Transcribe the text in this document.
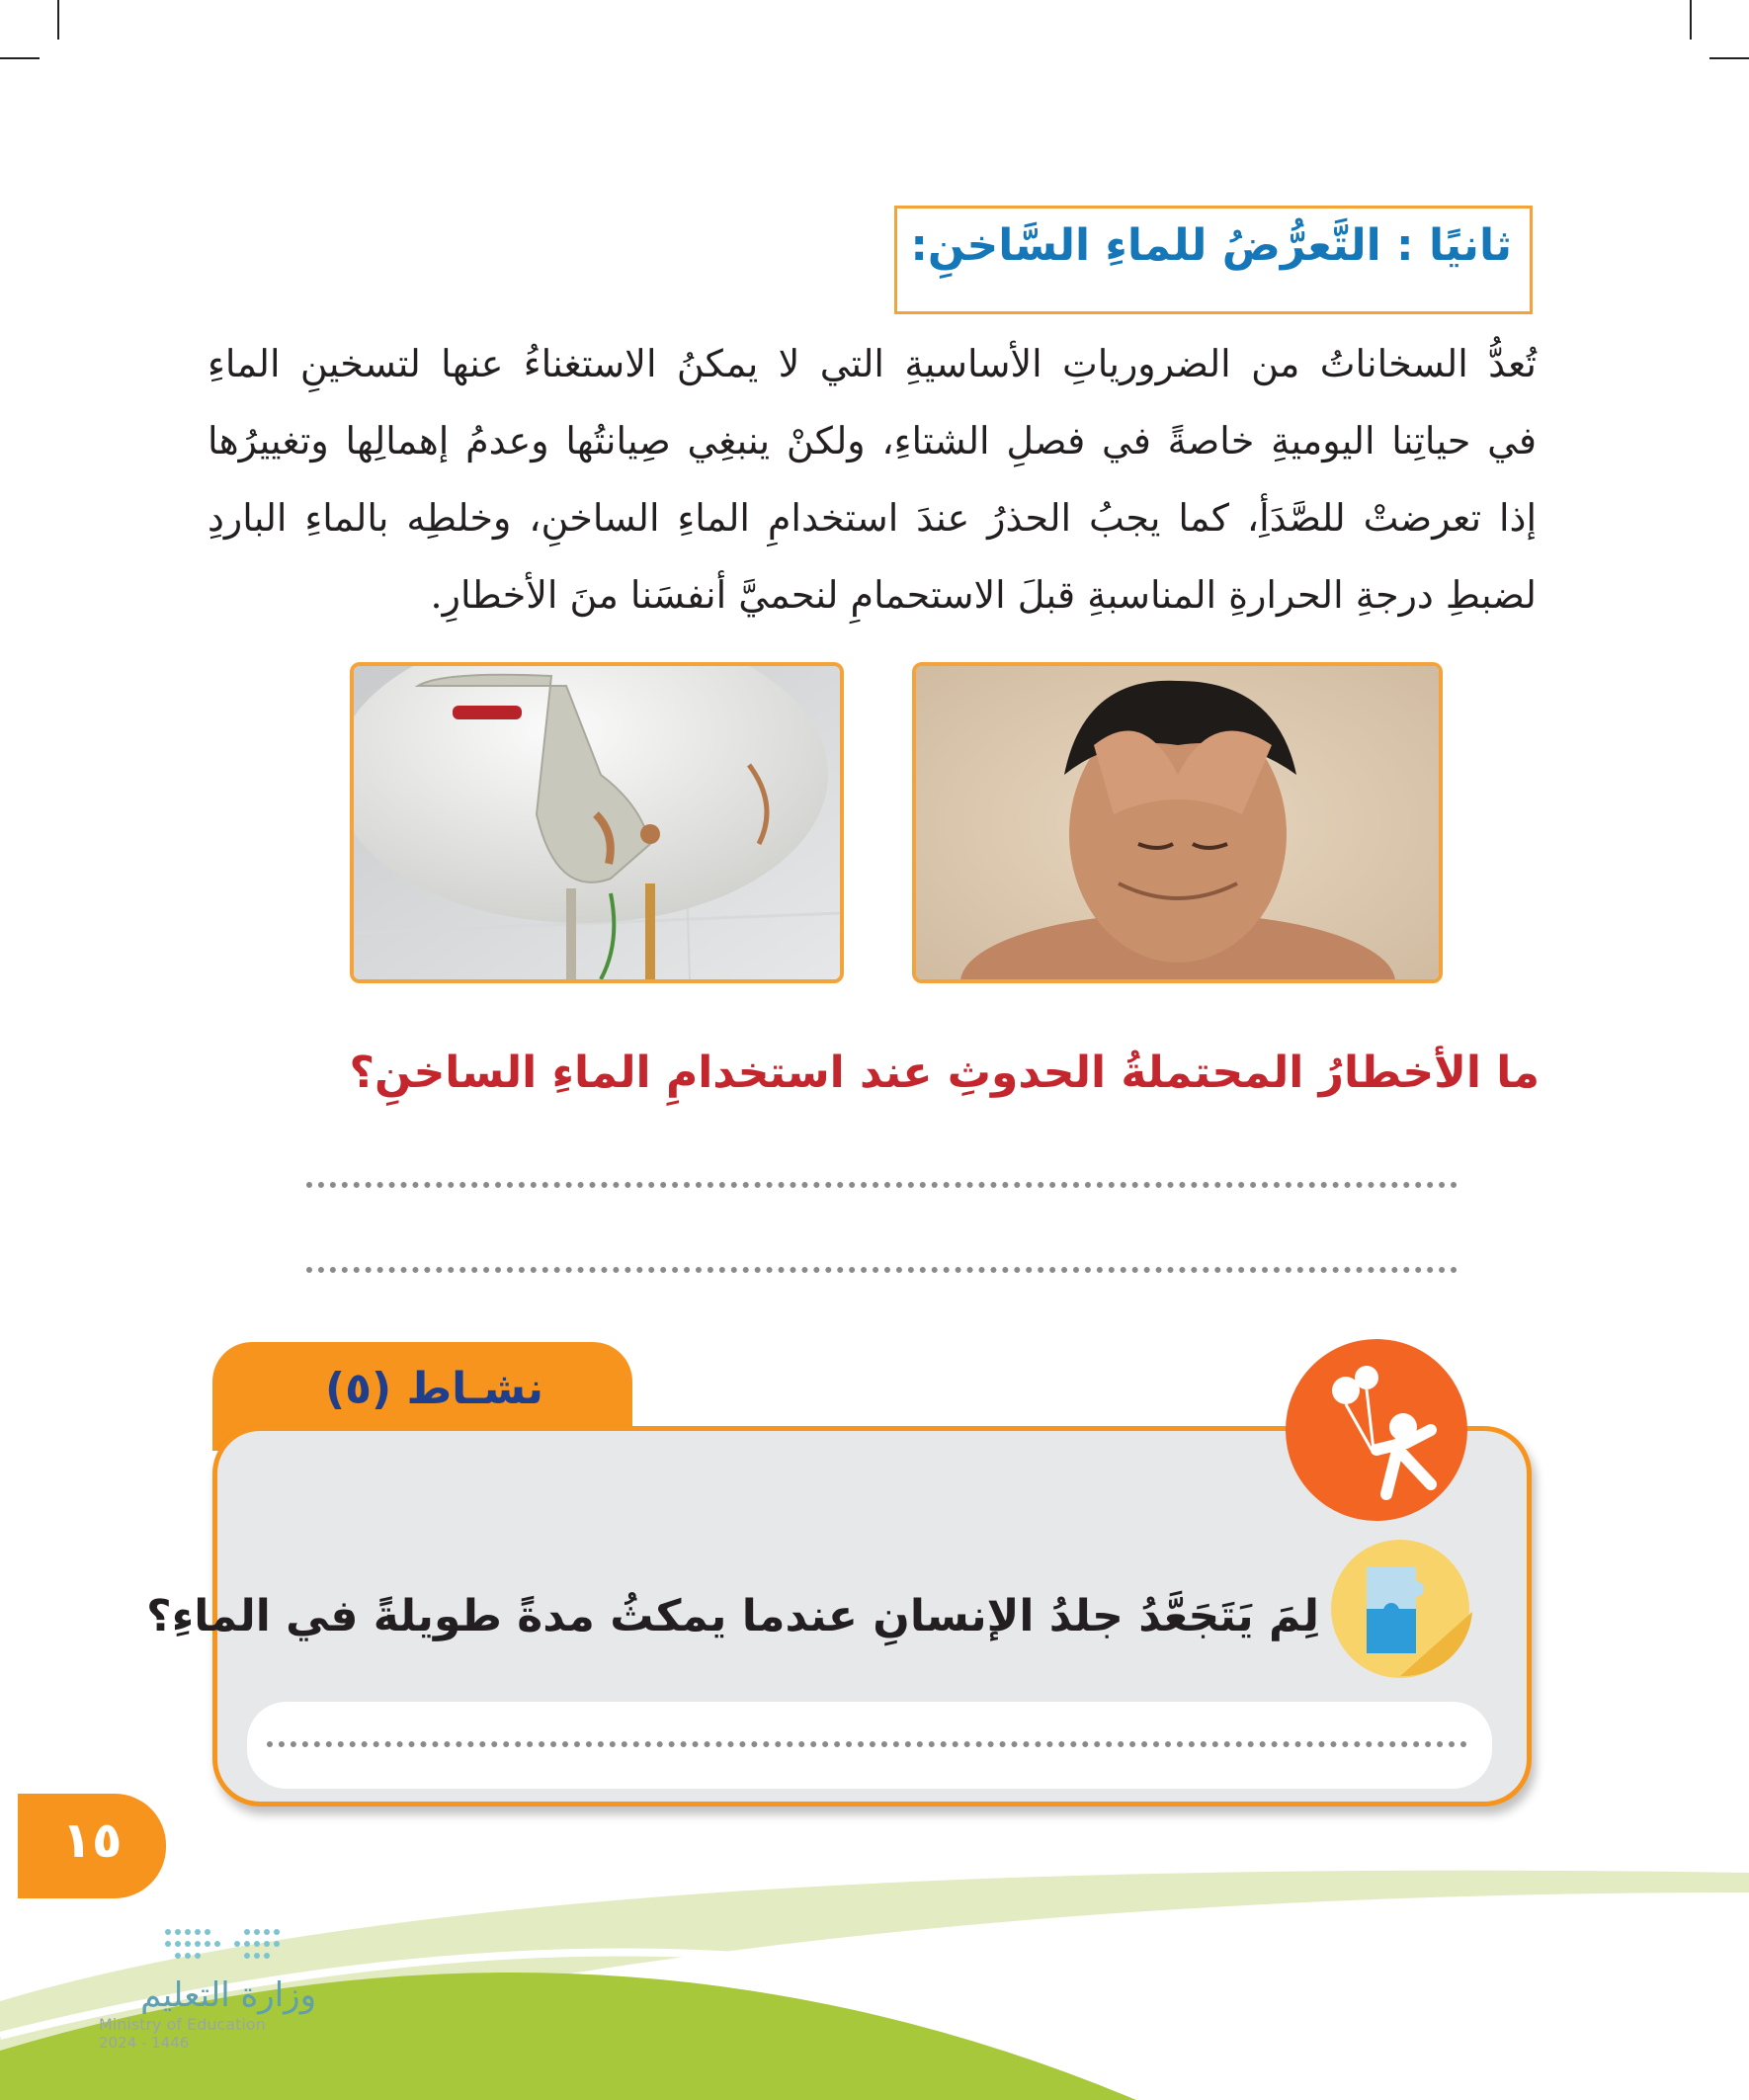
ثانيًا : التَّعرُّضُ للماءِ السَّاخنِ:
تُعدُّ السخاناتُ من الضرورياتِ الأساسيةِ التي لا يمكنُ الاستغناءُ عنها لتسخينِ الماءِ
في حياتِنا اليوميةِ خاصةً في فصلِ الشتاءِ، ولكنْ ينبغِي صِيانتُها وعدمُ إهمالِها وتغييرُها
إذا تعرضتْ للصَّدَأِ، كما يجبُ الحذرُ عندَ استخدامِ الماءِ الساخنِ، وخلطِه بالماءِ الباردِ
لضبطِ درجةِ الحرارةِ المناسبةِ قبلَ الاستحمامِ لنحميَّ أنفسَنا منَ الأخطارِ.
ما الأخطارُ المحتملةُ الحدوثِ عند استخدامِ الماءِ الساخنِ؟
نشـاط (٥)
لِمَ يَتَجَعَّدُ جلدُ الإنسانِ عندما يمكثُ مدةً طويلةً في الماءِ؟
١٥
وزارة التعليم
Ministry of Education
2024 - 1446
